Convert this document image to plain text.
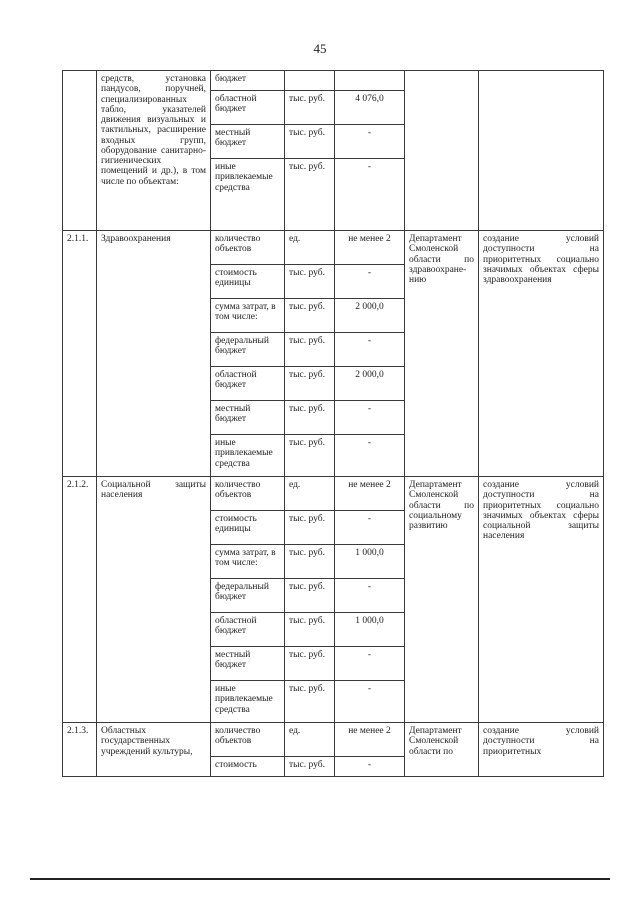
45
	средств, установка пандусов, поручней, специализированных табло, указателей движения визуальных и тактильных, расширение входных групп, оборудование санитарно-гигиенических помещений и др.), в том числе по объектам:	бюджет				
		областной бюджет	тыс. руб.	4 076,0		
		местный бюджет	тыс. руб.	-		
		иные привлекаемые средства	тыс. руб.	-		
2.1.1.	Здравоохранения	количество объектов	ед.	не менее 2	Департамент Смоленской области по здравоохране-нию	создание условий доступности на приоритетных социально значимых объектах сферы здравоохранения
		стоимость единицы	тыс. руб.	-		
		сумма затрат, в том числе:	тыс. руб.	2 000,0		
		федеральный бюджет	тыс. руб.	-		
		областной бюджет	тыс. руб.	2 000,0		
		местный бюджет	тыс. руб.	-		
		иные привлекаемые средства	тыс. руб.	-		
2.1.2.	Социальной защиты населения	количество объектов	ед.	не менее 2	Департамент Смоленской области по социальному развитию	создание условий доступности на приоритетных социально значимых объектах сферы социальной защиты населения
		стоимость единицы	тыс. руб.	-		
		сумма затрат, в том числе:	тыс. руб.	1 000,0		
		федеральный бюджет	тыс. руб.	-		
		областной бюджет	тыс. руб.	1 000,0		
		местный бюджет	тыс. руб.	-		
		иные привлекаемые средства	тыс. руб.	-		
2.1.3.	Областных государственных учреждений культуры,	количество объектов	ед.	не менее 2	Департамент Смоленской области по	создание условий доступности на приоритетных
		стоимость	тыс. руб.	-		
